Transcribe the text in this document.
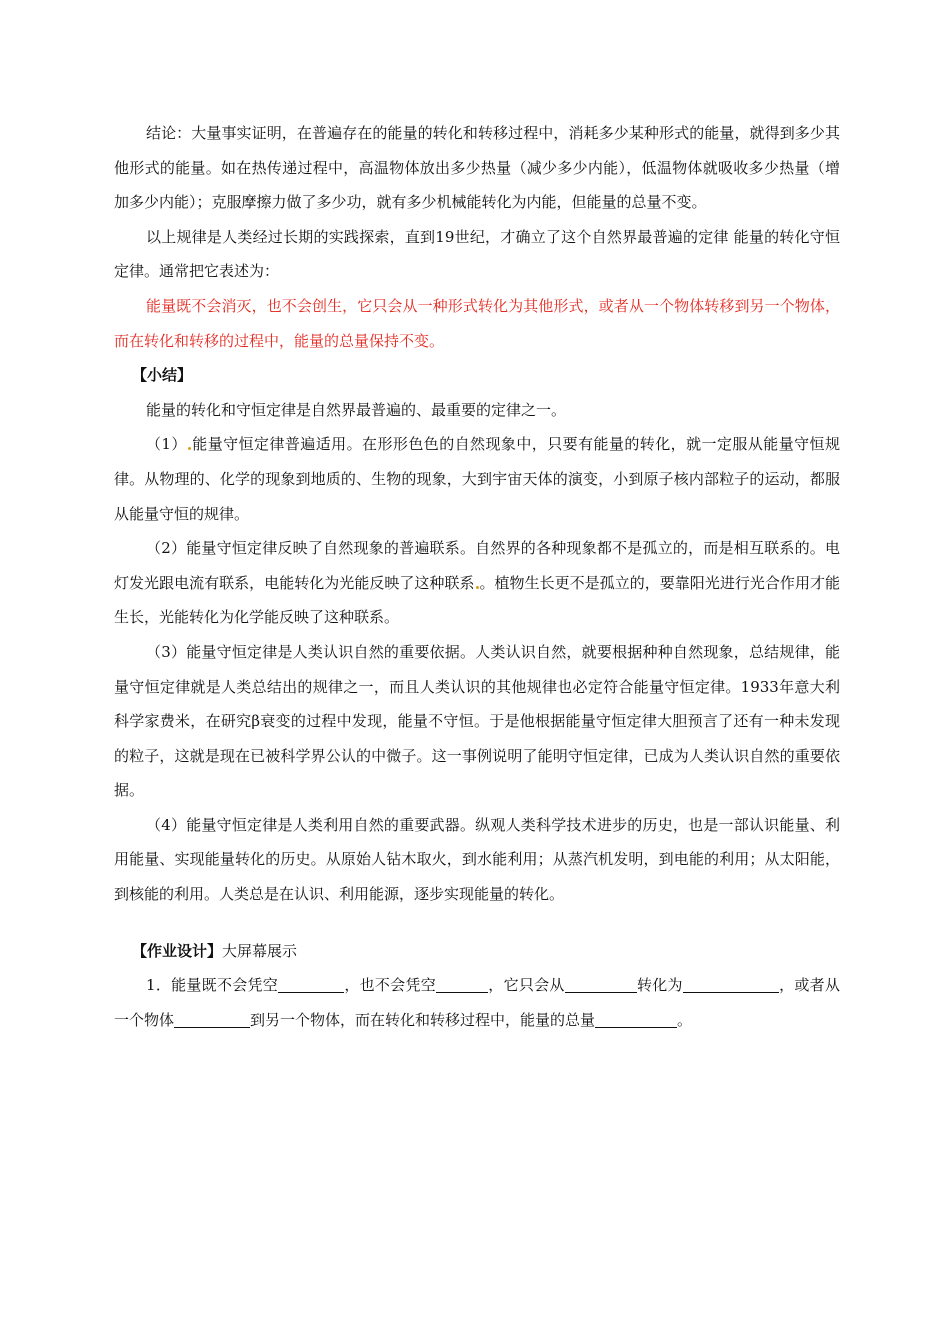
结论：大量事实证明，在普遍存在的能量的转化和转移过程中，消耗多少某种形式的能量，就得到多少其他形式的能量。如在热传递过程中，高温物体放出多少热量（减少多少内能），低温物体就吸收多少热量（增加多少内能）；克服摩擦力做了多少功，就有多少机械能转化为内能，但能量的总量不变。

以上规律是人类经过长期的实践探索，直到19世纪，才确立了这个自然界最普遍的定律 能量的转化守恒定律。通常把它表述为：

能量既不会消灭，也不会创生，它只会从一种形式转化为其他形式，或者从一个物体转移到另一个物体，而在转化和转移的过程中，能量的总量保持不变。

【小结】

能量的转化和守恒定律是自然界最普遍的、最重要的定律之一。

（1） 能量守恒定律普遍适用。在形形色色的自然现象中，只要有能量的转化，就一定服从能量守恒规律。从物理的、化学的现象到地质的、生物的现象，大到宇宙天体的演变，小到原子核内部粒子的运动，都服从能量守恒的规律。

（2）能量守恒定律反映了自然现象的普遍联系。自然界的各种现象都不是孤立的，而是相互联系的。电灯发光跟电流有联系，电能转化为光能反映了这种联系 。植物生长更不是孤立的，要靠阳光进行光合作用才能生长，光能转化为化学能反映了这种联系。

（3）能量守恒定律是人类认识自然的重要依据。人类认识自然，就要根据种种自然现象，总结规律，能量守恒定律就是人类总结出的规律之一，而且人类认识的其他规律也必定符合能量守恒定律。1933年意大利科学家费米，在研究β衰变的过程中发现，能量不守恒。于是他根据能量守恒定律大胆预言了还有一种未发现的粒子，这就是现在已被科学界公认的中微子。这一事例说明了能明守恒定律，已成为人类认识自然的重要依据。

（4）能量守恒定律是人类利用自然的重要武器。纵观人类科学技术进步的历史，也是一部认识能量、利用能量、实现能量转化的历史。从原始人钻木取火，到水能利用；从蒸汽机发明，到电能的利用；从太阳能，到核能的利用。人类总是在认识、利用能源，逐步实现能量的转化。

【作业设计】大屏幕展示

1．能量既不会凭空	，也不会凭空	，它只会从	转化为	，或者从一个物体	到另一个物体，而在转化和转移过程中，能量的总量	。
